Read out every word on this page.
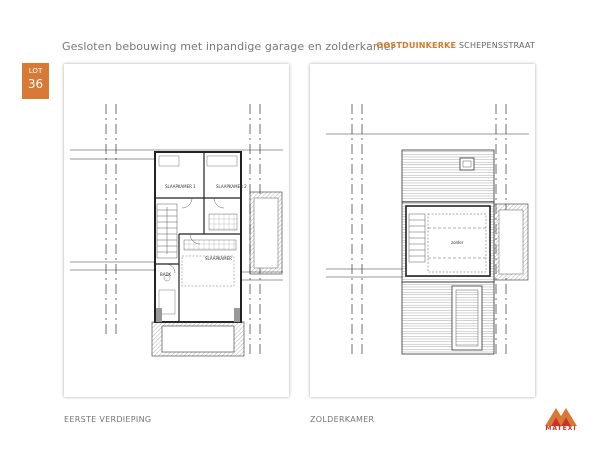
Gesloten bebouwing met inpandige garage en zolderkamer
OOSTDUINKERKE SCHEPENSSTRAAT
LOT
36
SLAAPKAMER 1	SLAAPKAMER 2
SLAAPKAMER
BADK
zolder
EERSTE VERDIEPING	ZOLDERKAMER
MATEXI
